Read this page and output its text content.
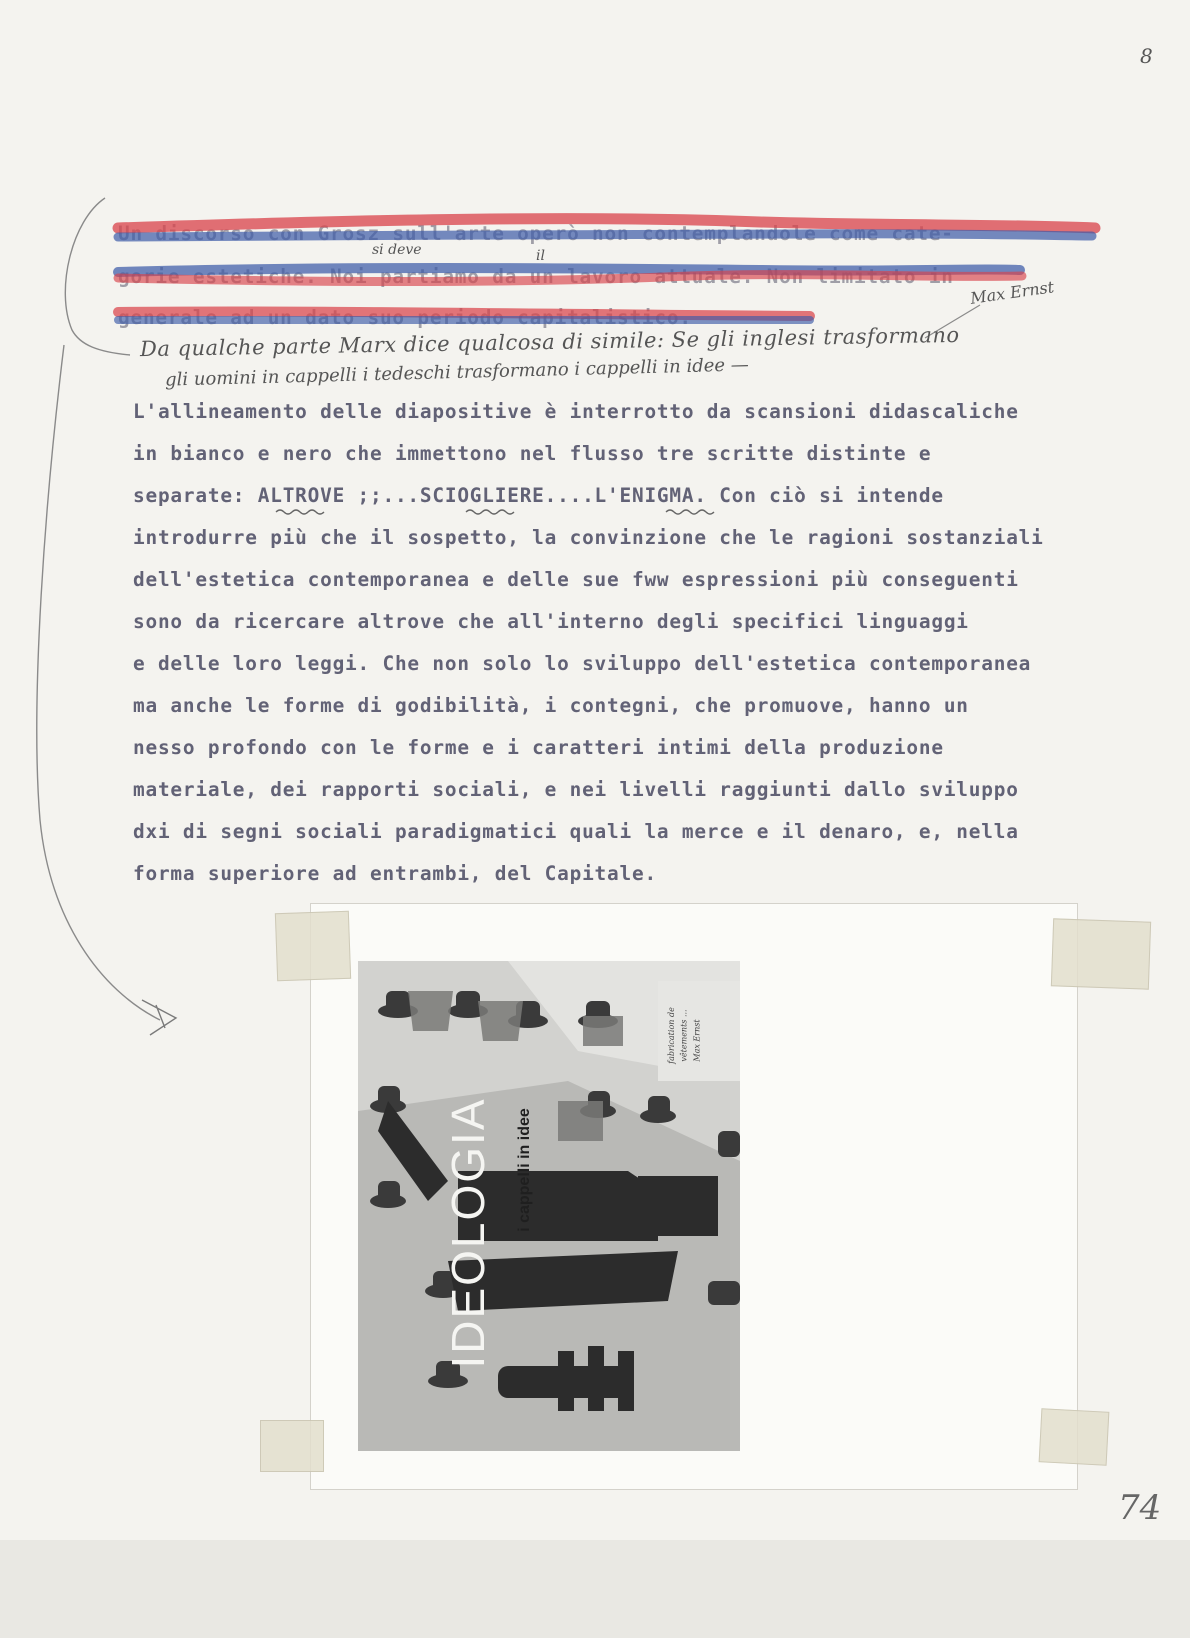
8
74
Un discorso con Grosz sull'arte operò non contemplandole come cate-
gorie estetiche. Noi partiamo da un lavoro attuale. Non limitato in
generale ad un dato suo periodo capitalistico.
si deve	il
Max Ernst
Da qualche parte Marx dice qualcosa di simile: Se gli inglesi trasformano
gli uomini in cappelli i tedeschi trasformano i cappelli in idee —
L'allineamento delle diapositive è interrotto da scansioni didascaliche
in bianco e nero che immettono nel flusso tre scritte distinte e
separate: ALTROVE ;;...SCIOGLIERE....L'ENIGMA. Con ciò si intende
introdurre più che il sospetto, la convinzione che le ragioni sostanziali
dell'estetica contemporanea e delle sue fww espressioni più conseguenti
sono da ricercare altrove che all'interno degli specifici linguaggi
e delle loro leggi. Che non solo lo sviluppo dell'estetica contemporanea
ma anche le forme di godibilità, i contegni, che promuove, hanno un
nesso profondo con le forme e i caratteri intimi della produzione
materiale, dei rapporti sociali, e nei livelli raggiunti dallo sviluppo
dxi di segni sociali paradigmatici quali la merce e il denaro, e, nella
forma superiore ad entrambi, del Capitale.
IDEOLOGIA i cappelli in idee
fabrication de vêtements ... Max Ernst
